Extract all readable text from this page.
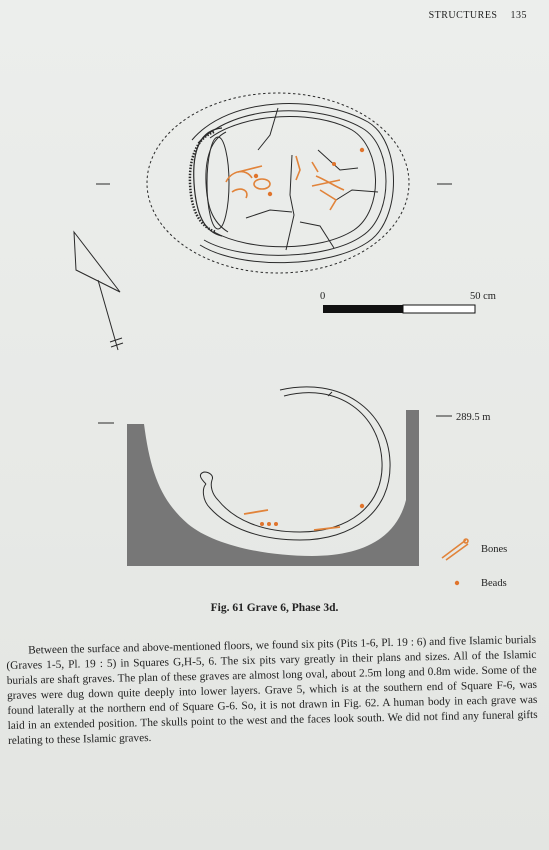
STRUCTURES 135
0	50 cm
289.5 m
Bones
Beads
Fig. 61 Grave 6, Phase 3d.

Between the surface and above-mentioned floors, we found six pits (Pits 1-6, Pl. 19 : 6) and five Islamic burials (Graves 1-5, Pl. 19 : 5) in Squares G,H-5, 6. The six pits vary greatly in their plans and sizes. All of the Islamic burials are shaft graves. The plan of these graves are almost long oval, about 2.5m long and 0.8m wide. Some of the graves were dug down quite deeply into lower layers. Grave 5, which is at the southern end of Square F-6, was found laterally at the northern end of Square G-6. So, it is not drawn in Fig. 62. A human body in each grave was laid in an extended position. The skulls point to the west and the faces look south. We did not find any funeral gifts relating to these Islamic graves.
